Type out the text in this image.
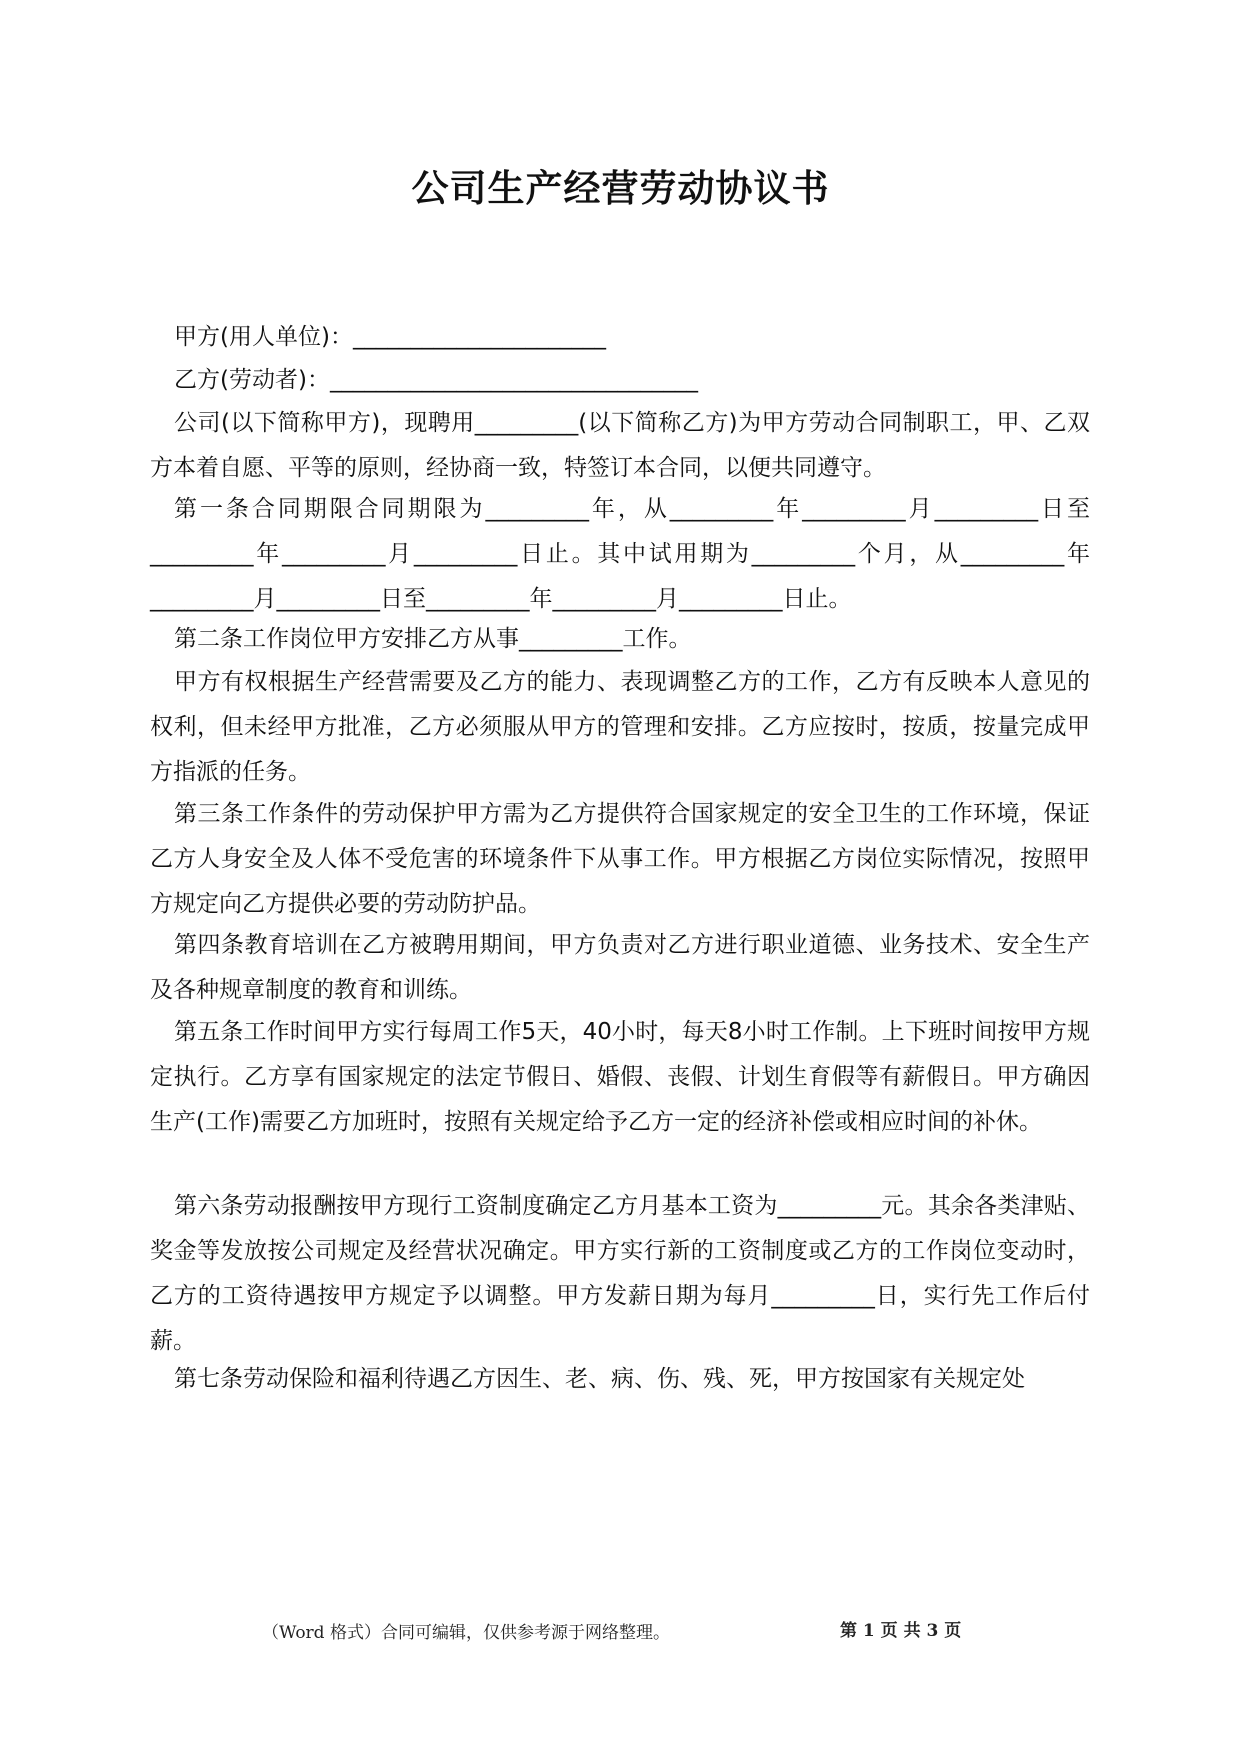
公司生产经营劳动协议书
甲方(用人单位)：______________________
乙方(劳动者)：________________________________
公司(以下简称甲方)，现聘用_________(以下简称乙方)为甲方劳动合同制职工，甲、乙双方本着自愿、平等的原则，经协商一致，特签订本合同，以便共同遵守。
第一条合同期限合同期限为_________年，从_________年_________月_________日至_________年_________月_________日止。其中试用期为_________个月，从_________年_________月_________日至_________年_________月_________日止。
第二条工作岗位甲方安排乙方从事_________工作。
甲方有权根据生产经营需要及乙方的能力、表现调整乙方的工作，乙方有反映本人意见的权利，但未经甲方批准，乙方必须服从甲方的管理和安排。乙方应按时，按质，按量完成甲方指派的任务。
第三条工作条件的劳动保护甲方需为乙方提供符合国家规定的安全卫生的工作环境，保证乙方人身安全及人体不受危害的环境条件下从事工作。甲方根据乙方岗位实际情况，按照甲方规定向乙方提供必要的劳动防护品。
第四条教育培训在乙方被聘用期间，甲方负责对乙方进行职业道德、业务技术、安全生产及各种规章制度的教育和训练。
第五条工作时间甲方实行每周工作5天，40小时，每天8小时工作制。上下班时间按甲方规定执行。乙方享有国家规定的法定节假日、婚假、丧假、计划生育假等有薪假日。甲方确因生产(工作)需要乙方加班时，按照有关规定给予乙方一定的经济补偿或相应时间的补休。
第六条劳动报酬按甲方现行工资制度确定乙方月基本工资为_________元。其余各类津贴、奖金等发放按公司规定及经营状况确定。甲方实行新的工资制度或乙方的工作岗位变动时，乙方的工资待遇按甲方规定予以调整。甲方发薪日期为每月_________日，实行先工作后付薪。
第七条劳动保险和福利待遇乙方因生、老、病、伤、残、死，甲方按国家有关规定处
（Word 格式）合同可编辑，仅供参考源于网络整理。	第 1 页 共 3 页
